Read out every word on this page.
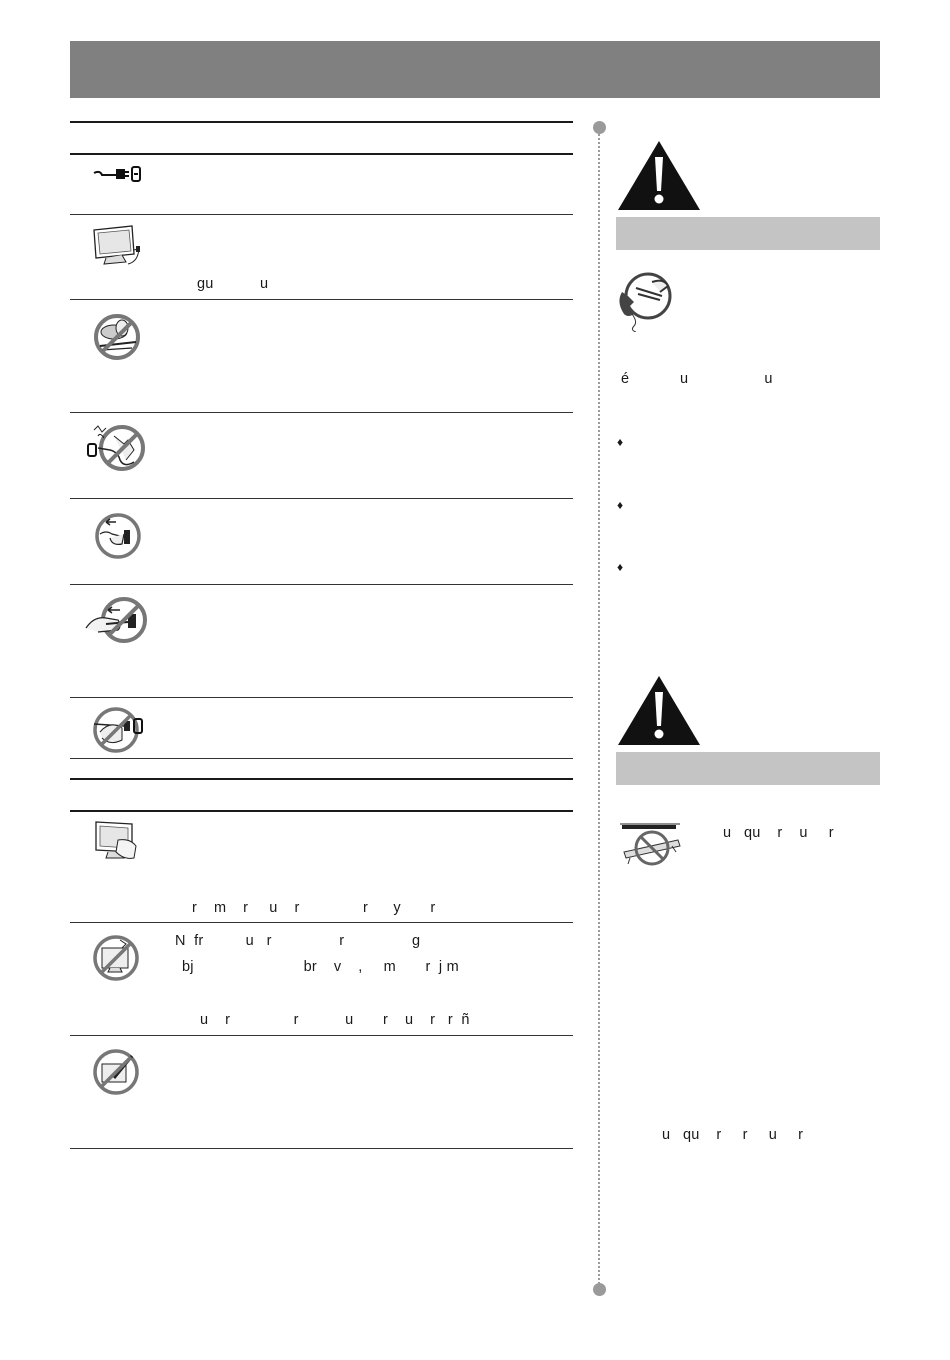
gu           u
r    m    r     u    r               r      y       r
N  fr          u   r                r                g
bj                          br    v    ,     m       r  j m
u    r               r           u       r    u    r   r  ñ
é            u                  u
♦
♦
♦
u   qu    r    u     r
u   qu    r     r     u     r
